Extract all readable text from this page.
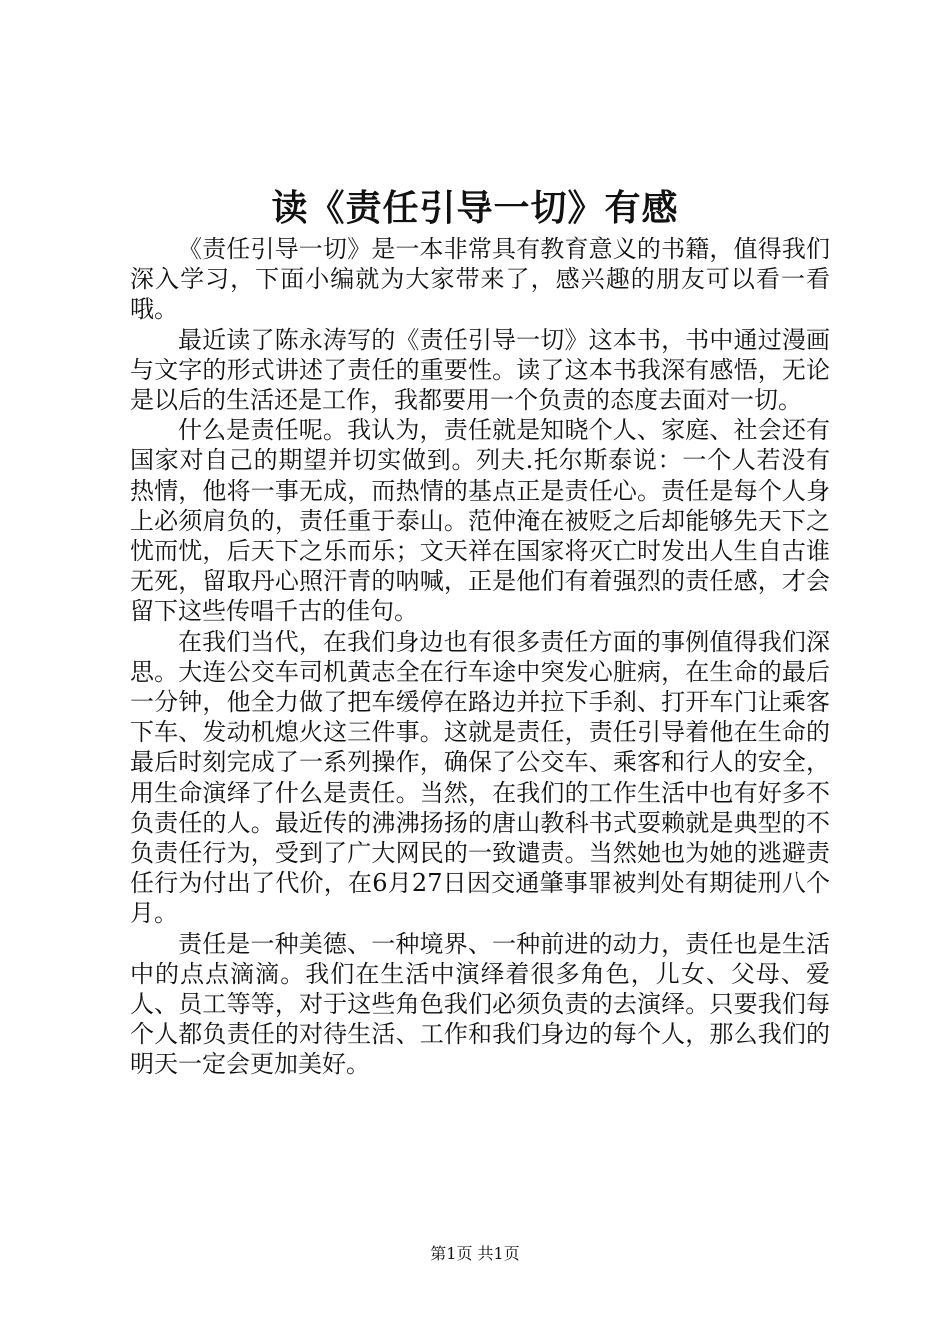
读《责任引导一切》有感

《责任引导一切》是一本非常具有教育意义的书籍，值得我们深入学习，下面小编就为大家带来了，感兴趣的朋友可以看一看哦。

最近读了陈永涛写的《责任引导一切》这本书，书中通过漫画与文字的形式讲述了责任的重要性。读了这本书我深有感悟，无论是以后的生活还是工作，我都要用一个负责的态度去面对一切。

什么是责任呢。我认为，责任就是知晓个人、家庭、社会还有国家对自己的期望并切实做到。列夫.托尔斯泰说：一个人若没有热情，他将一事无成，而热情的基点正是责任心。责任是每个人身上必须肩负的，责任重于泰山。范仲淹在被贬之后却能够先天下之忧而忧，后天下之乐而乐；文天祥在国家将灭亡时发出人生自古谁无死，留取丹心照汗青的呐喊，正是他们有着强烈的责任感，才会留下这些传唱千古的佳句。

在我们当代，在我们身边也有很多责任方面的事例值得我们深思。大连公交车司机黄志全在行车途中突发心脏病，在生命的最后一分钟，他全力做了把车缓停在路边并拉下手刹、打开车门让乘客下车、发动机熄火这三件事。这就是责任，责任引导着他在生命的最后时刻完成了一系列操作，确保了公交车、乘客和行人的安全，用生命演绎了什么是责任。当然，在我们的工作生活中也有好多不负责任的人。最近传的沸沸扬扬的唐山教科书式耍赖就是典型的不负责任行为，受到了广大网民的一致谴责。当然她也为她的逃避责任行为付出了代价，在6月27日因交通肇事罪被判处有期徒刑八个月。

责任是一种美德、一种境界、一种前进的动力，责任也是生活中的点点滴滴。我们在生活中演绎着很多角色，儿女、父母、爱人、员工等等，对于这些角色我们必须负责的去演绎。只要我们每个人都负责任的对待生活、工作和我们身边的每个人，那么我们的明天一定会更加美好。

第1页 共1页
